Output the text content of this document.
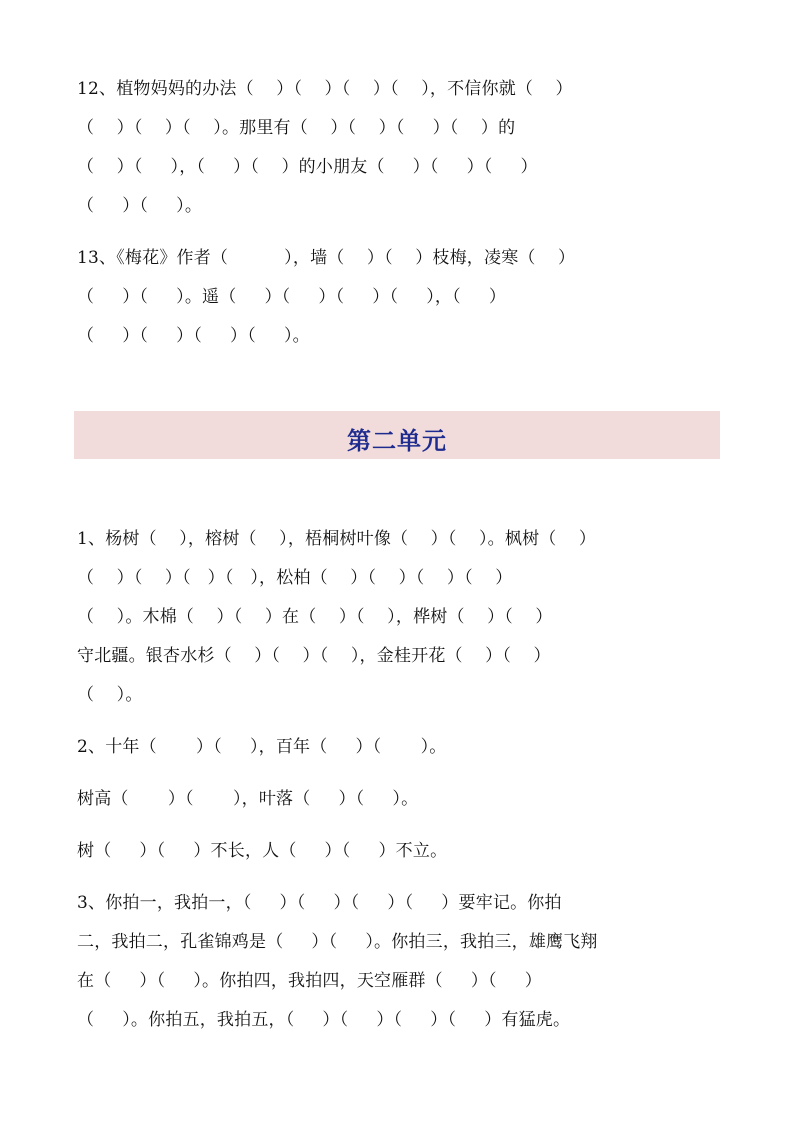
12、植物妈妈的办法（    ）（    ）（    ）（    ），不信你就（    ）
（    ）（    ）（    ）。那里有（    ）（    ）（     ）（    ）的
（    ）（     ），（     ）（    ）的小朋友（     ）（     ）（     ）
（     ）（     ）。
13、《梅花》作者（          ），墙（    ）（    ）枝梅，凌寒（    ）
（     ）（     ）。遥（     ）（     ）（     ）（     ），（     ）
（     ）（     ）（     ）（     ）。
第二单元
1、杨树（    ），榕树（    ），梧桐树叶像（    ）（    ）。枫树（    ）
（    ）（    ）（   ）（   ），松柏（    ）（    ）（    ）（    ）
（    ）。木棉（    ）（    ）在（    ）（    ），桦树（    ）（    ）
守北疆。银杏水杉（    ）（    ）（    ），金桂开花（    ）（    ）
（    ）。
2、十年（       ）（     ），百年（     ）（       ）。
树高（       ）（       ），叶落（     ）（     ）。
树（     ）（     ）不长，人（     ）（     ）不立。
3、你拍一，我拍一，（     ）（     ）（     ）（     ）要牢记。你拍
二，我拍二，孔雀锦鸡是（     ）（     ）。你拍三，我拍三，雄鹰飞翔
在（     ）（     ）。你拍四，我拍四，天空雁群（     ）（     ）
（     ）。你拍五，我拍五，（     ）（     ）（     ）（     ）有猛虎。
